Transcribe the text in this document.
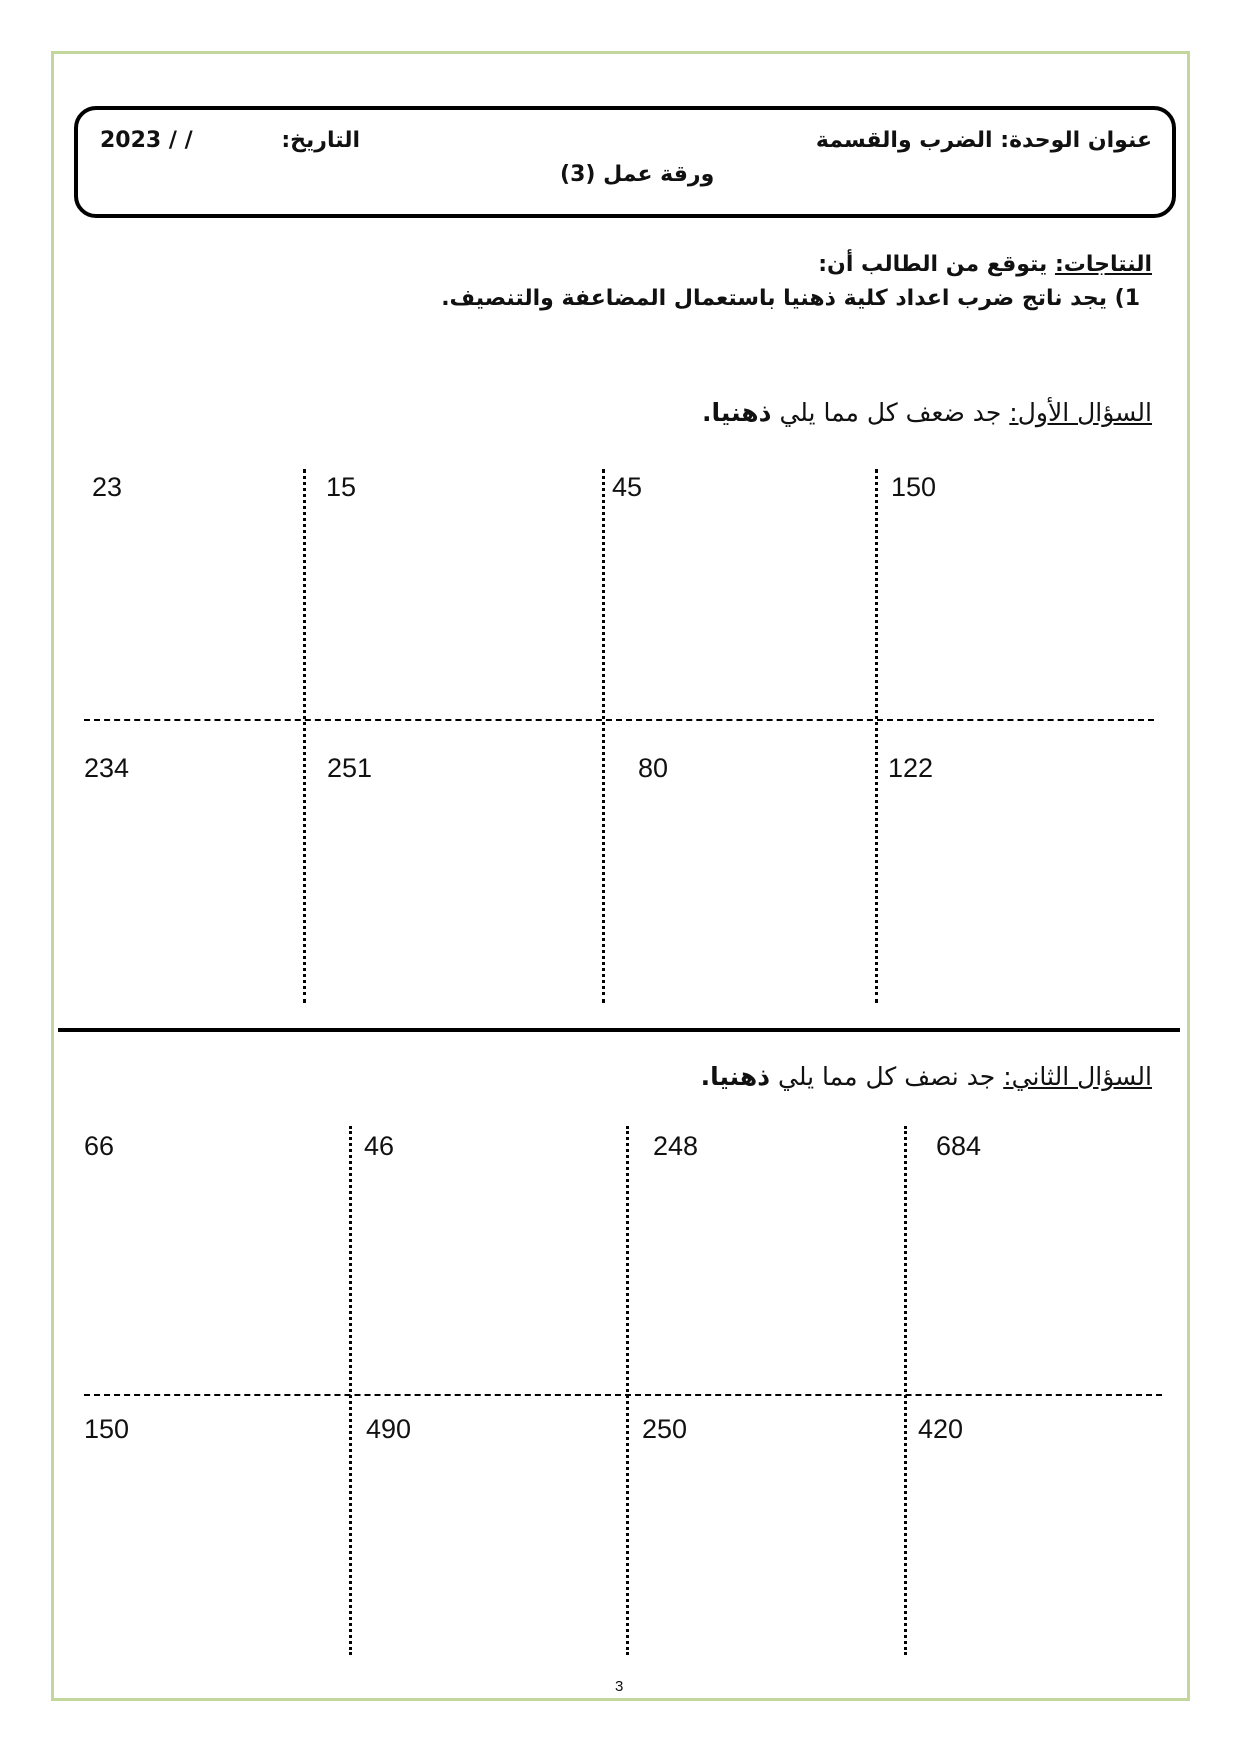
عنوان الوحدة: الضرب والقسمة
التاريخ:
2023 / /
ورقة عمل (3)
النتاجات: يتوقع من الطالب أن:
1) يجد ناتج ضرب اعداد كلية ذهنيا باستعمال المضاعفة والتنصيف.
السؤال الأول: جد ضعف كل مما يلي ذهنيا.
23	15	45	150
234	251	80	122
السؤال الثاني: جد نصف كل مما يلي ذهنيا.
66	46	248	684
150	490	250	420
3
